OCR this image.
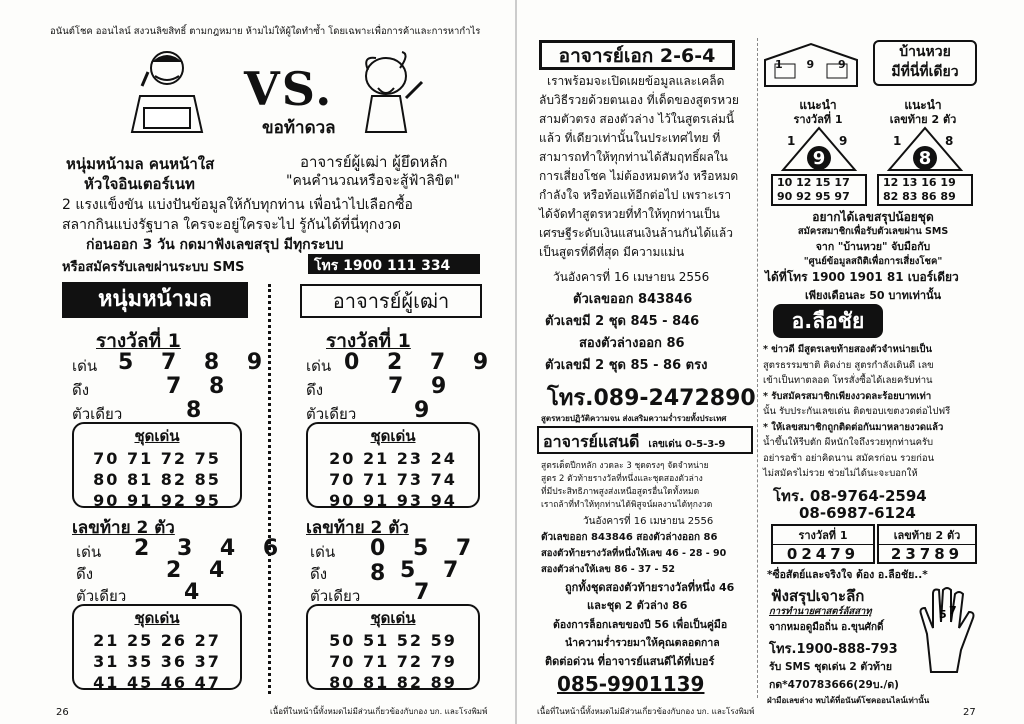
อนันต์โชค ออนไลน์ สงวนลิขสิทธิ์ ตามกฎหมาย ห้ามไม่ให้ผู้ใดทำซ้ำ โดยเฉพาะเพื่อการค้าและการหากำไร
VS.
ขอท้าดวล
หนุ่มหน้ามล คนหน้าใส
หัวใจอินเตอร์เนท
อาจารย์ผู้เฒ่า ผู้ยึดหลัก
"คนคำนวณหรือจะสู้ฟ้าลิขิต"
2 แรงแข็งขัน แบ่งปันข้อมูลให้กับทุกท่าน เพื่อนำไปเลือกซื้อ
สลากกินแบ่งรัฐบาล ใครจะอยู่ใครจะไป รู้กันได้ที่นี่ทุกงวด
ก่อนออก 3 วัน กดมาฟังเลขสรุป มีทุกระบบ
หรือสมัครรับเลขผ่านระบบ SMS	โทร 1900 111 334
หนุ่มหน้ามล
รางวัลที่ 1
เด่น 5 7 8 9
ดึง	7 8
ตัวเดียว	8
ชุดเด่น
70 71 72 75
80 81 82 85
90 91 92 95
เลขท้าย 2 ตัว
เด่น 2 3 4 6
ดึง	2 4
ตัวเดียว	4
ชุดเด่น
21 25 26 27
31 35 36 37
41 45 46 47
อาจารย์ผู้เฒ่า
รางวัลที่ 1
เด่น 0 2 7 9
ดึง	7 9
ตัวเดียว	9
ชุดเด่น
20 21 23 24
70 71 73 74
90 91 93 94
เลขท้าย 2 ตัว
เด่น 0 5 7 8
ดึง	5 7
ตัวเดียว 7
ชุดเด่น
50 51 52 59
70 71 72 79
80 81 82 89
26	เนื้อที่ในหน้านี้ทั้งหมดไม่มีส่วนเกี่ยวข้องกับกอง บก. และโรงพิมพ์
อาจารย์เอก 2-6-4
เราพร้อมจะเปิดเผยข้อมูลและเคล็ด
ลับวิธีรวยด้วยตนเอง ที่เด็ดของสูตรหวย
สามตัวตรง สองตัวล่าง ไว้ในสูตรเล่มนี้
แล้ว ที่เดียวเท่านั้นในประเทศไทย ที่
สามารถทำให้ทุกท่านได้สัมฤทธิ์ผลใน
การเสี่ยงโชค ไม่ต้องหมดหวัง หรือหมด
กำลังใจ หรือท้อแท้อีกต่อไป เพราะเรา
ได้จัดทำสูตรหวยที่ทำให้ทุกท่านเป็น
เศรษฐีระดับเงินแสนเงินล้านกันได้แล้ว
เป็นสูตรที่ดีที่สุด มีความแม่น
วันอังคารที่ 16 เมษายน 2556
ตัวเลขออก 843846
ตัวเลขมี 2 ชุด 845 - 846
สองตัวล่างออก 86
ตัวเลขมี 2 ชุด 85 - 86 ตรง
โทร.089-2472890
สูตรหวยปฏิวัติความจน ส่งเสริมความร่ำรวยทั้งประเทศ
อาจารย์แสนดี เลขเด่น 0-5-3-9
สูตรเด็ดปีกหลัก งวดละ 3 ชุดตรงๆ จัดจำหน่าย
สูตร 2 ตัวท้ายรางวัลที่หนึ่งและชุดสองตัวล่าง
ที่มีประสิทธิภาพสูงส่งเหนือสูตรอื่นใดทั้งหมด
เราถล้าที่ทำให้ทุกท่านได้พิสูจน์ผลงานได้ทุกงวด
วันอังคารที่ 16 เมษายน 2556
ตัวเลขออก 843846 สองตัวล่างออก 86
สองตัวท้ายรางวัลที่หนึ่งให้เลข 46 - 28 - 90
สองตัวล่างให้เลข 86 - 37 - 52
ถูกทั้งชุดสองตัวท้ายรางวัลที่หนึ่ง 46
และชุด 2 ตัวล่าง 86
ต้องการล็อกเลขของปี 56 เพื่อเป็นคู่มือ
นำความร่ำรวยมาให้คุณตลอดกาล
ติดต่อด่วน ที่อาจารย์แสนดีได้ที่เบอร์
085-9901139
1 9 9
บ้านหวย
มีที่นี่ที่เดียว
แนะนำ
รางวัลที่ 1
แนะนำ
เลขท้าย 2 ตัว
1	9
9
1	8
8
10 12 15 17
90 92 95 97
12 13 16 19
82 83 86 89
อยากได้เลขสรุปน้อยชุด
สมัครสมาชิกเพื่อรับตัวเลขผ่าน SMS
จาก "บ้านหวย" จับมือกับ
"ศูนย์ข้อมูลสถิติเพื่อการเสี่ยงโชค"
ได้ที่โทร 1900 1901 81 เบอร์เดียว
เพียงเดือนละ 50 บาทเท่านั้น
อ.ลือชัย
* ข่าวดี มีสูตรเลขท้ายสองตัวจำหน่ายเป็น
สูตรธรรมชาติ คิดง่าย สูตรกำลังเดินดี เลข
เข้าเป็นทาตลอด โทรสั่งซื้อได้เลยครับท่าน
* รับสมัครสมาชิกเพียงงวดละร้อยบาทเท่า
นั้น รับประกันเลขเด่น ติดขอบเขตงวดต่อไปฟรี
* ให้เลขสมาชิกถูกติดต่อกันมาหลายงวดแล้ว
น้ำขึ้นให้รีบตัก ผีหนักใจถึงรวยทุกท่านครับ
อย่ารอช้า อย่าคิดนาน สมัครก่อน รวยก่อน
ไม่สมัครไม่รวย ช่วยไม่ได้นะจะบอกให้
โทร. 08-9764-2594
08-6987-6124
รางวัลที่ 1
02479
เลขท้าย 2 ตัว
23789
*ซื่อสัตย์และจริงใจ ต้อง อ.ลือชัย..*
ฟังสรุปเจาะลึก
การทำนายศาสตร์ลัสสาทุ
จากหมอดูมือถิ่น อ.ขุนศักดิ์
โทร.1900-888-793
รับ SMS ชุดเด่น 2 ตัวท้าย
กด*470783666(29บ./ด)
5 7
ฝ่ามือเลขล่าง พบได้ที่อนันต์โชคออนไลน์เท่านั้น
เนื้อที่ในหน้านี้ทั้งหมดไม่มีส่วนเกี่ยวข้องกับกอง บก. และโรงพิมพ์	27
